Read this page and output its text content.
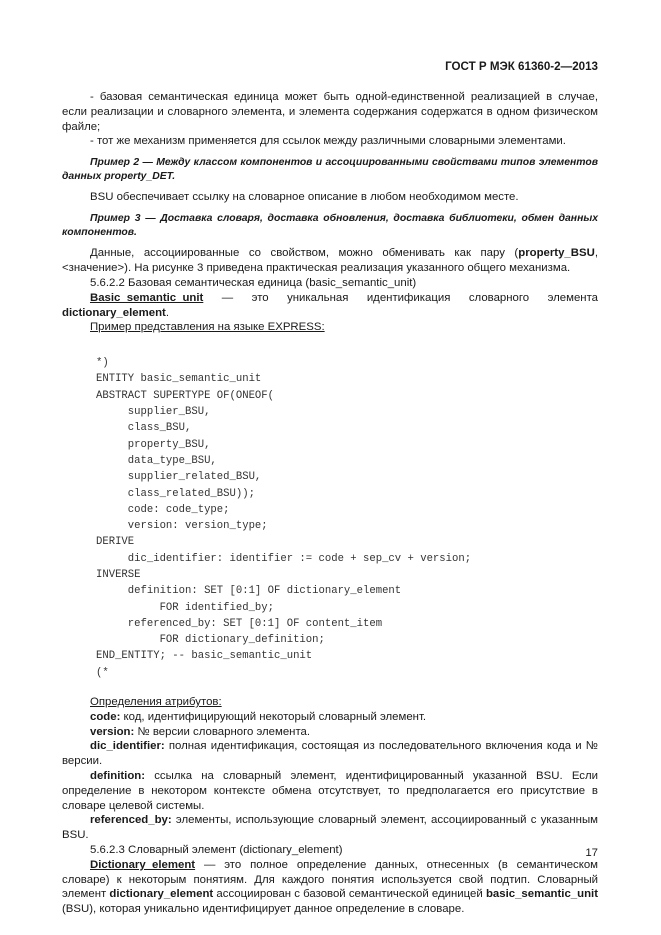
ГОСТ Р МЭК 61360-2—2013

- базовая семантическая единица может быть одной-единственной реализацией в случае, если реализации и словарного элемента, и элемента содержания содержатся в одном физическом файле;

- тот же механизм применяется для ссылок между различными словарными элементами.

Пример 2 — Между классом компонентов и ассоциированными свойствами типов элементов данных property_DET.

BSU обеспечивает ссылку на словарное описание в любом необходимом месте.

Пример 3 — Доставка словаря, доставка обновления, доставка библиотеки, обмен данных компонентов.

Данные, ассоциированные со свойством, можно обменивать как пару (property_BSU, <значение>). На рисунке 3 приведена практическая реализация указанного общего механизма.

5.6.2.2 Базовая семантическая единица (basic_semantic_unit)

Basic_semantic_unit — это уникальная идентификация словарного элемента dictionary_element.

Пример представления на языке EXPRESS:

*)
ENTITY basic_semantic_unit
ABSTRACT SUPERTYPE OF(ONEOF(
supplier_BSU,
class_BSU,
property_BSU,
data_type_BSU,
supplier_related_BSU,
class_related_BSU));
code: code_type;
version: version_type;
DERIVE
dic_identifier: identifier := code + sep_cv + version;
INVERSE
definition: SET [0:1] OF dictionary_element
FOR identified_by;
referenced_by: SET [0:1] OF content_item
FOR dictionary_definition;
END_ENTITY; -- basic_semantic_unit
(*

Определения атрибутов:

code: код, идентифицирующий некоторый словарный элемент.

version: № версии словарного элемента.

dic_identifier: полная идентификация, состоящая из последовательного включения кода и № версии.

definition: ссылка на словарный элемент, идентифицированный указанной BSU. Если определение в некотором контексте обмена отсутствует, то предполагается его присутствие в словаре целевой системы.

referenced_by: элементы, использующие словарный элемент, ассоциированный с указанным BSU.

5.6.2.3 Словарный элемент (dictionary_element)

Dictionary_element — это полное определение данных, отнесенных (в семантическом словаре) к некоторым понятиям. Для каждого понятия используется свой подтип. Словарный элемент dictionary_element ассоциирован с базовой семантической единицей basic_semantic_unit (BSU), которая уникально идентифицирует данное определение в словаре.

17
